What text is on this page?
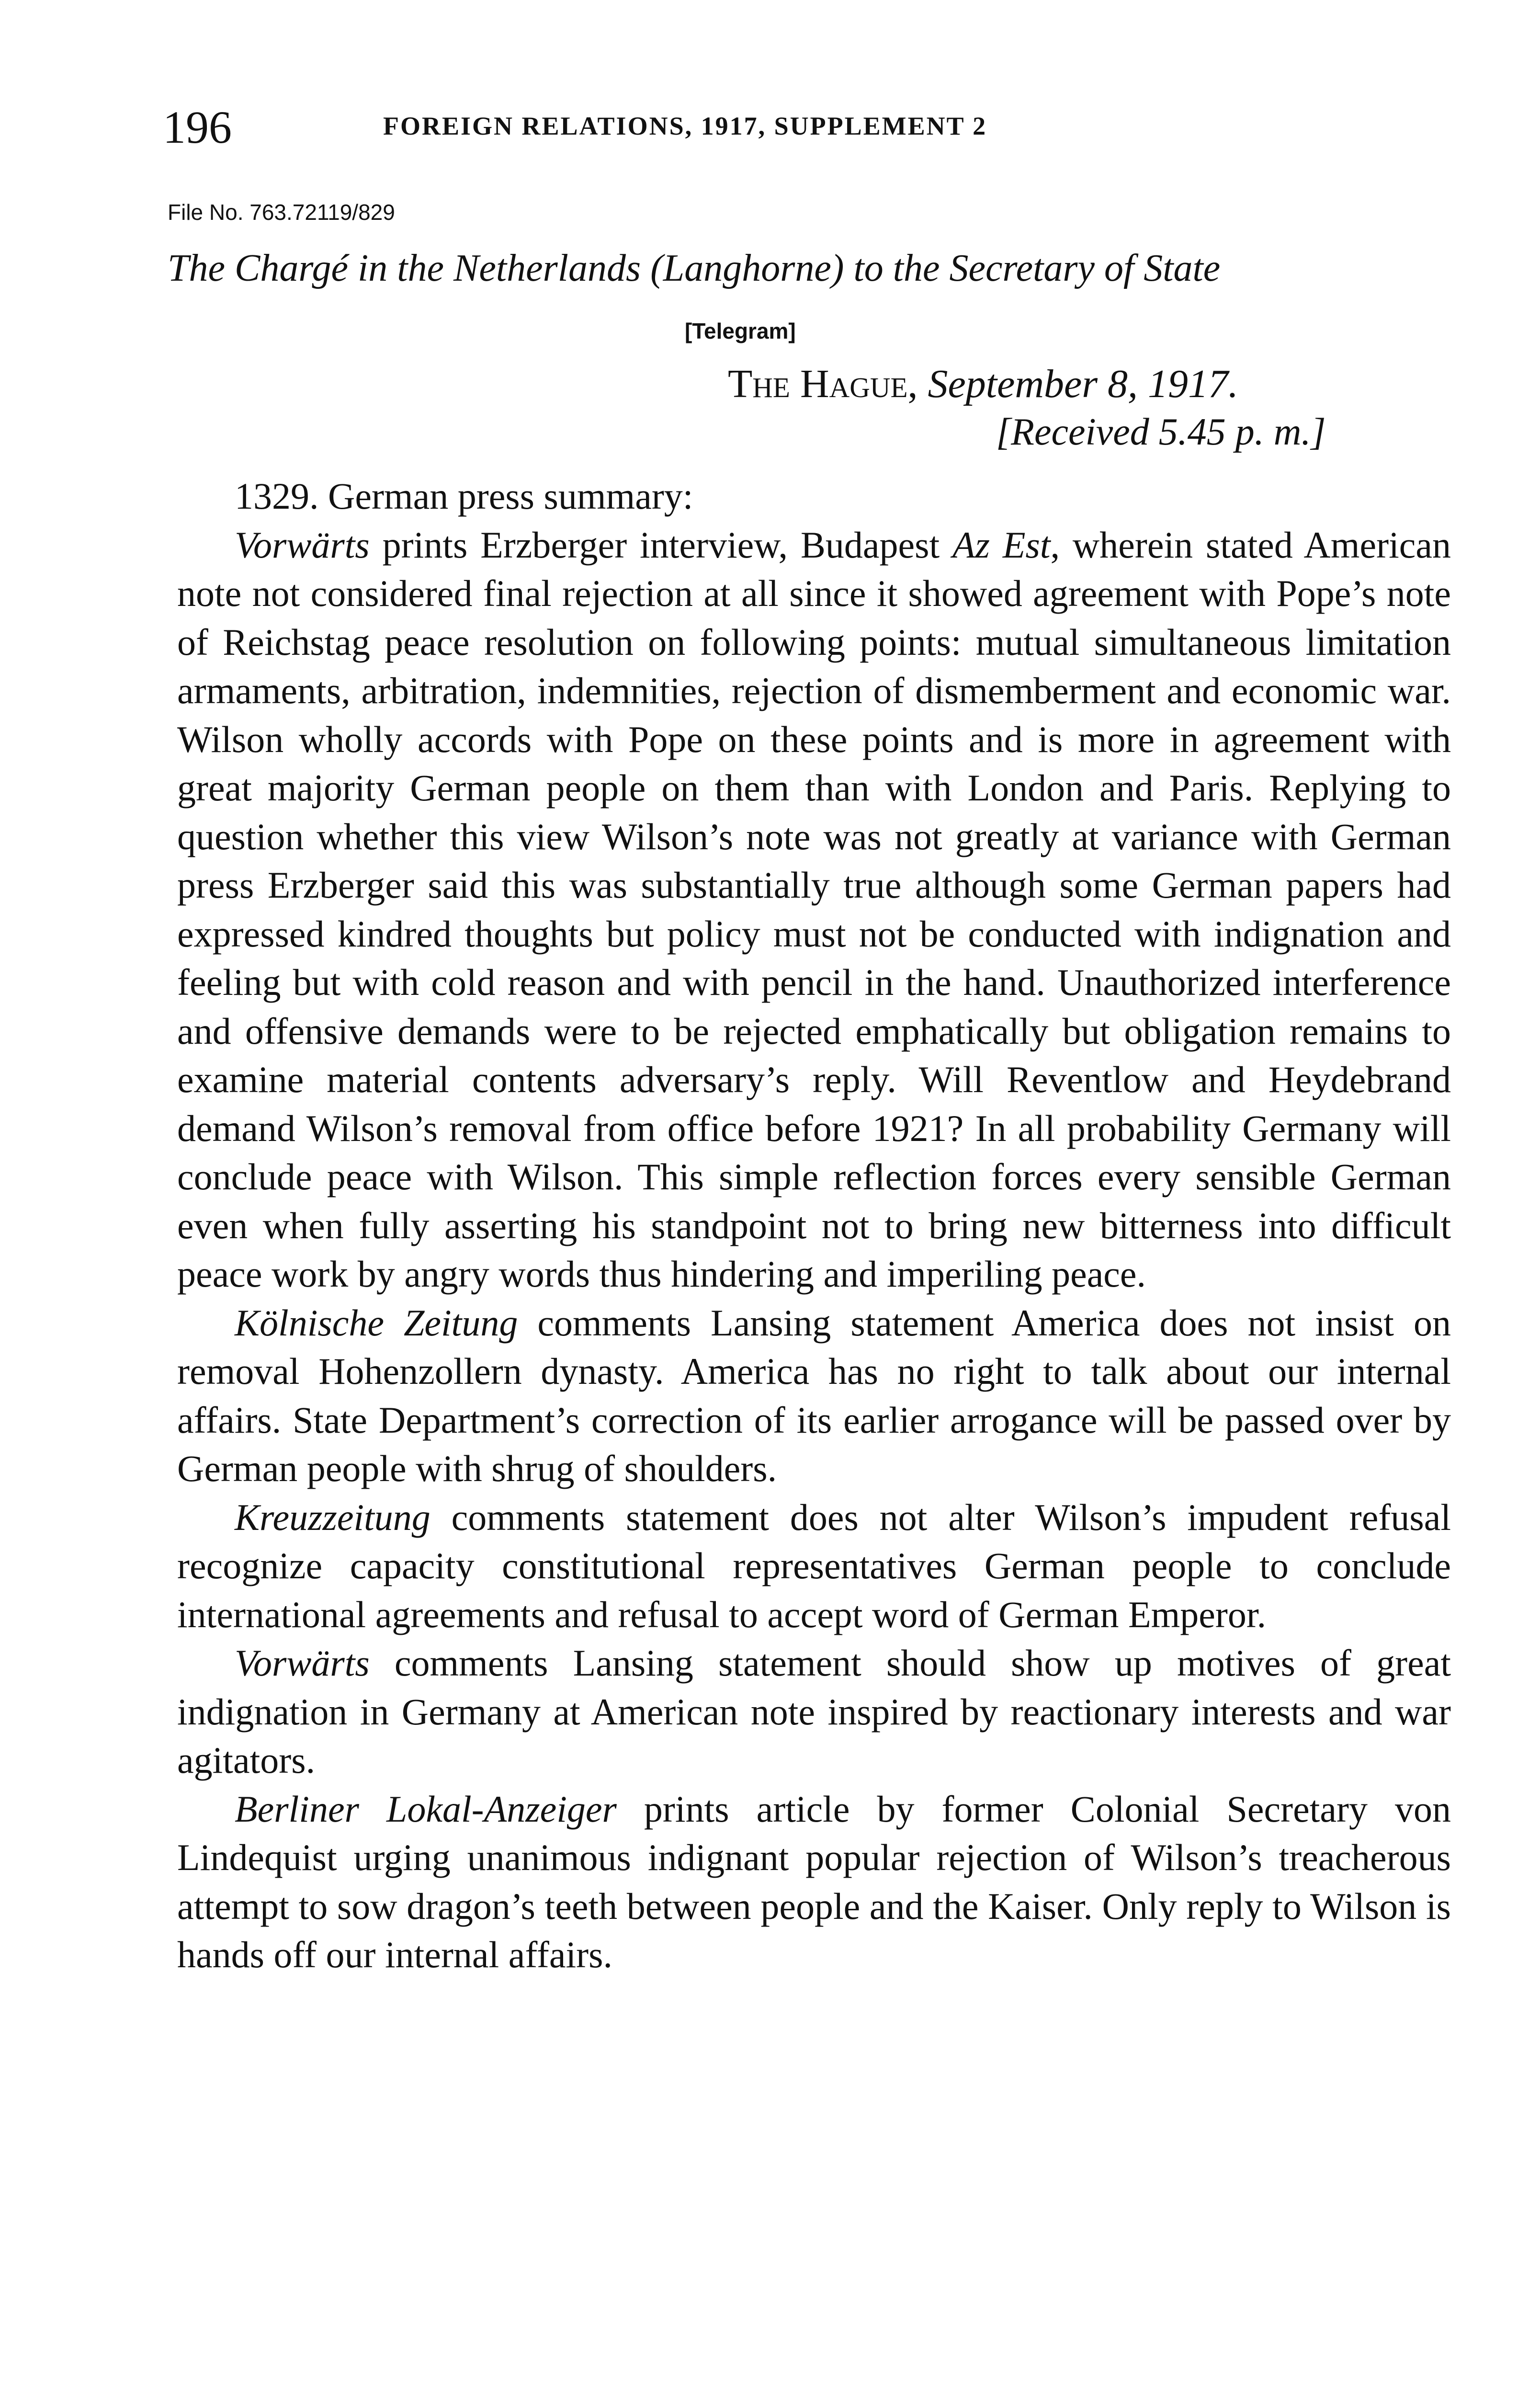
196	FOREIGN RELATIONS, 1917, SUPPLEMENT 2
File No. 763.72119/829
The Chargé in the Netherlands (Langhorne) to the Secretary of State
[Telegram]
The Hague, September 8, 1917.
[Received 5.45 p. m.]

1329. German press summary:

Vorwärts prints Erzberger interview, Budapest Az Est, wherein stated American note not considered final rejection at all since it showed agreement with Pope’s note of Reichstag peace resolution on following points: mutual simultaneous limitation armaments, arbitration, indemnities, rejection of dismemberment and economic war. Wilson wholly accords with Pope on these points and is more in agreement with great majority German people on them than with London and Paris. Replying to question whether this view Wilson’s note was not greatly at variance with German press Erzberger said this was substantially true although some German papers had expressed kindred thoughts but policy must not be conducted with indignation and feeling but with cold reason and with pencil in the hand. Unauthorized interference and offensive demands were to be rejected emphatically but obligation remains to examine material contents adversary’s reply. Will Reventlow and Heydebrand demand Wilson’s removal from office before 1921? In all probability Germany will conclude peace with Wilson. This simple reflection forces every sensible German even when fully asserting his standpoint not to bring new bitterness into difficult peace work by angry words thus hindering and imperiling peace.

Kölnische Zeitung comments Lansing statement America does not insist on removal Hohenzollern dynasty. America has no right to talk about our internal affairs. State Department’s correction of its earlier arrogance will be passed over by German people with shrug of shoulders.

Kreuzzeitung comments statement does not alter Wilson’s impudent refusal recognize capacity constitutional representatives German people to conclude international agreements and refusal to accept word of German Emperor.

Vorwärts comments Lansing statement should show up motives of great indignation in Germany at American note inspired by reactionary interests and war agitators.

Berliner Lokal-Anzeiger prints article by former Colonial Secretary von Lindequist urging unanimous indignant popular rejection of Wilson’s treacherous attempt to sow dragon’s teeth between people and the Kaiser. Only reply to Wilson is hands off our internal affairs.
